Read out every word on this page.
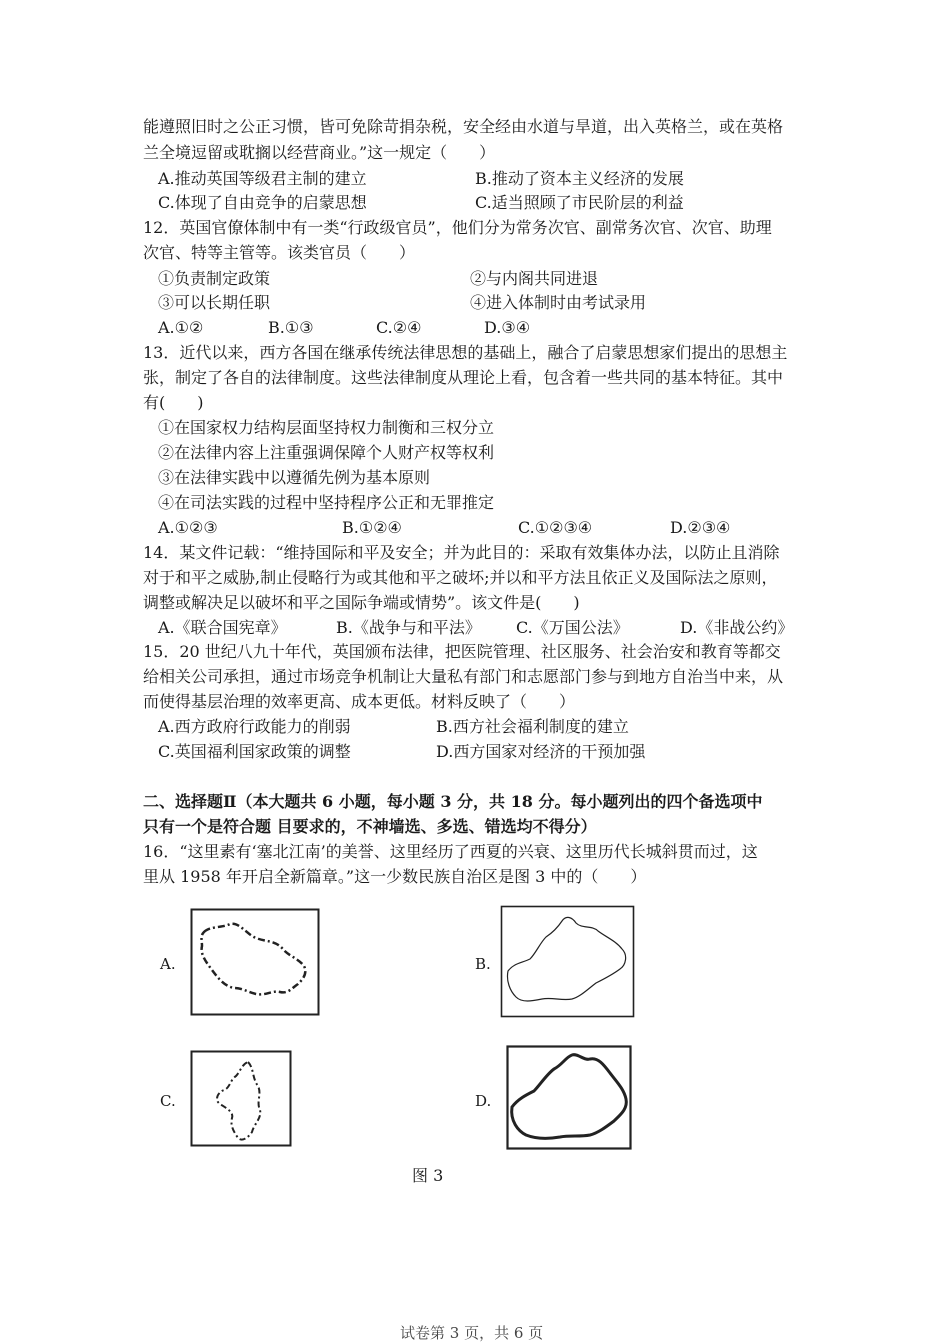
能遵照旧时之公正习惯，皆可免除苛捐杂税，安全经由水道与旱道，出入英格兰，或在英格
兰全境逗留或耽搁以经营商业。”这一规定（　　）
A.推动英国等级君主制的建立	B.推动了资本主义经济的发展
C.体现了自由竞争的启蒙思想	C.适当照顾了市民阶层的利益
12．英国官僚体制中有一类“行政级官员”，他们分为常务次官、副常务次官、次官、助理
次官、特等主管等。该类官员（　　）
①负责制定政策	②与内阁共同进退
③可以长期任职	④进入体制时由考试录用
A.①②	B.①③	C.②④	D.③④
13．近代以来，西方各国在继承传统法律思想的基础上，融合了启蒙思想家们提出的思想主
张，制定了各自的法律制度。这些法律制度从理论上看，包含着一些共同的基本特征。其中
有(　　)
①在国家权力结构层面坚持权力制衡和三权分立
②在法律内容上注重强调保障个人财产权等权利
③在法律实践中以遵循先例为基本原则
④在司法实践的过程中坚持程序公正和无罪推定
A.①②③	B.①②④	C.①②③④	D.②③④
14．某文件记载：“维持国际和平及安全；并为此目的：采取有效集体办法，以防止且消除
对于和平之威胁,制止侵略行为或其他和平之破坏;并以和平方法且依正义及国际法之原则，
调整或解决足以破坏和平之国际争端或情势”。该文件是(　　)
A.《联合国宪章》	B.《战争与和平法》 C.《万国公法》	D.《非战公约》
15．20 世纪八九十年代，英国颁布法律，把医院管理、社区服务、社会治安和教育等都交
给相关公司承担，通过市场竞争机制让大量私有部门和志愿部门参与到地方自治当中来，从
而使得基层治理的效率更高、成本更低。材料反映了（　　）
A.西方政府行政能力的削弱	B.西方社会福利制度的建立
C.英国福利国家政策的调整	D.西方国家对经济的干预加强
二、选择题Ⅱ（本大题共 6 小题，每小题 3 分，共 18 分。每小题列出的四个备选项中
只有一个是符合题 目要求的，不神墙选、多选、错选均不得分）
16．“这里素有‘塞北江南’的美誉、这里经历了西夏的兴衰、这里历代长城斜贯而过，这
里从 1958 年开启全新篇章。”这一少数民族自治区是图 3 中的（　　）
A.	B.
C.	D.
图 3
试卷第 3 页，共 6 页
